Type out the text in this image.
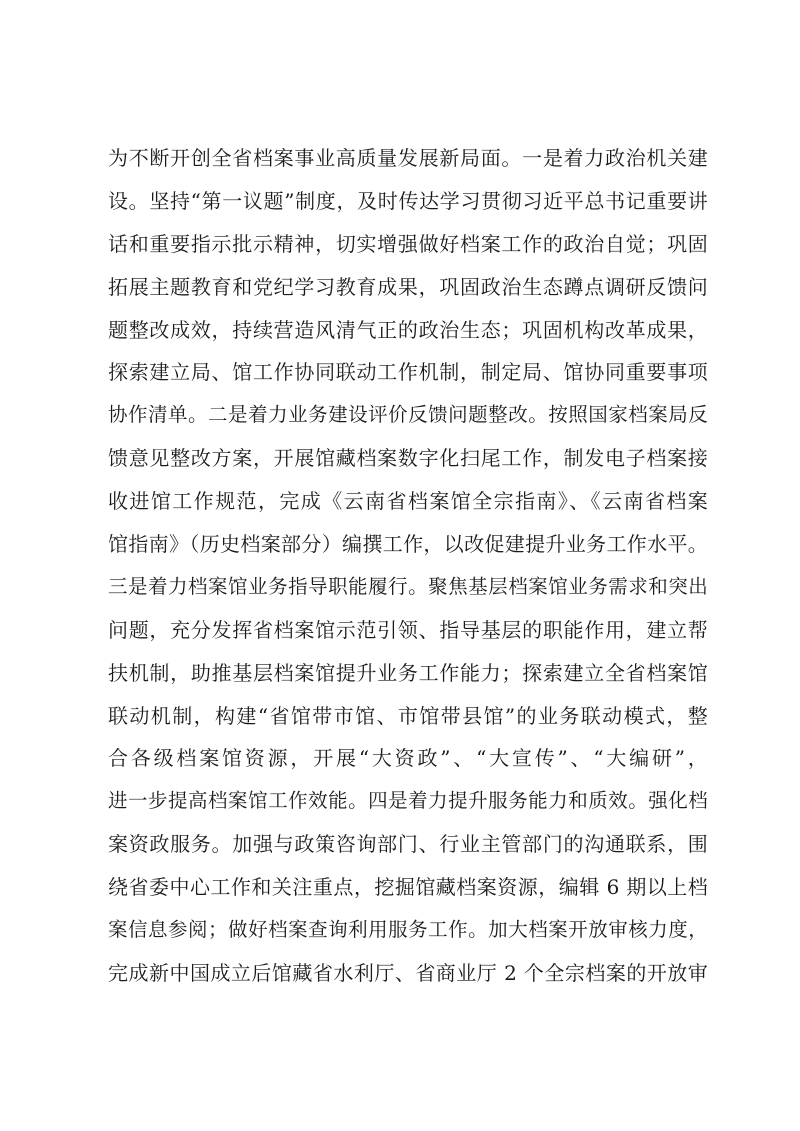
为不断开创全省档案事业高质量发展新局面。一是着力政治机关建
设。坚持“第一议题”制度，及时传达学习贯彻习近平总书记重要讲
话和重要指示批示精神，切实增强做好档案工作的政治自觉；巩固
拓展主题教育和党纪学习教育成果，巩固政治生态蹲点调研反馈问
题整改成效，持续营造风清气正的政治生态；巩固机构改革成果，
探索建立局、馆工作协同联动工作机制，制定局、馆协同重要事项
协作清单。二是着力业务建设评价反馈问题整改。按照国家档案局反
馈意见整改方案，开展馆藏档案数字化扫尾工作，制发电子档案接
收进馆工作规范，完成《云南省档案馆全宗指南》、《云南省档案
馆指南》（历史档案部分）编撰工作，以改促建提升业务工作水平。
三是着力档案馆业务指导职能履行。聚焦基层档案馆业务需求和突出
问题，充分发挥省档案馆示范引领、指导基层的职能作用，建立帮
扶机制，助推基层档案馆提升业务工作能力；探索建立全省档案馆
联动机制，构建“省馆带市馆、市馆带县馆”的业务联动模式，整
合各级档案馆资源，开展“大资政”、“大宣传”、“大编研”，
进一步提高档案馆工作效能。四是着力提升服务能力和质效。强化档
案资政服务。加强与政策咨询部门、行业主管部门的沟通联系，围
绕省委中心工作和关注重点，挖掘馆藏档案资源，编辑 6 期以上档
案信息参阅；做好档案查询利用服务工作。加大档案开放审核力度，
完成新中国成立后馆藏省水利厅、省商业厅 2 个全宗档案的开放审
